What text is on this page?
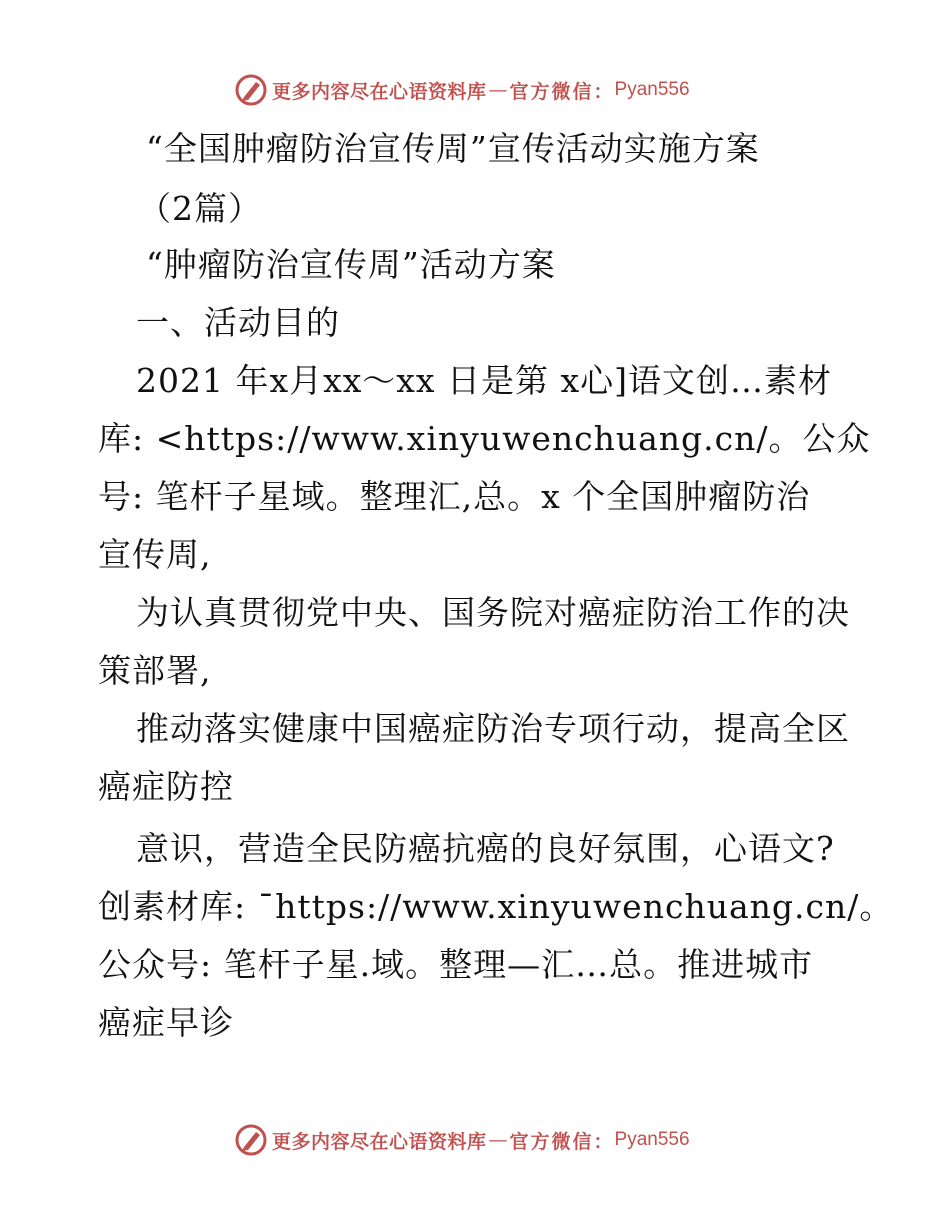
更多内容尽在心语资料库 — 官方微信： Pyan556
“全国肿瘤防治宣传周”宣传活动实施方案
（2篇）
“肿瘤防治宣传周”活动方案
一、活动目的
2021 年x月xx～xx 日是第 x心]语文创…素材
库: <https://www.xinyuwenchuang.cn/。公众
号: 笔杆子星域。整理汇,总。x 个全国肿瘤防治
宣传周,
为认真贯彻党中央、国务院对癌症防治工作的决
策部署,
推动落实健康中国癌症防治专项行动，提高全区
癌症防控
意识，营造全民防癌抗癌的良好氛围，心语文?
创素材库: ¯https://www.xinyuwenchuang.cn/。
公众号: 笔杆子星.域。整理—汇…总。推进城市
癌症早诊
更多内容尽在心语资料库 — 官方微信： Pyan556
